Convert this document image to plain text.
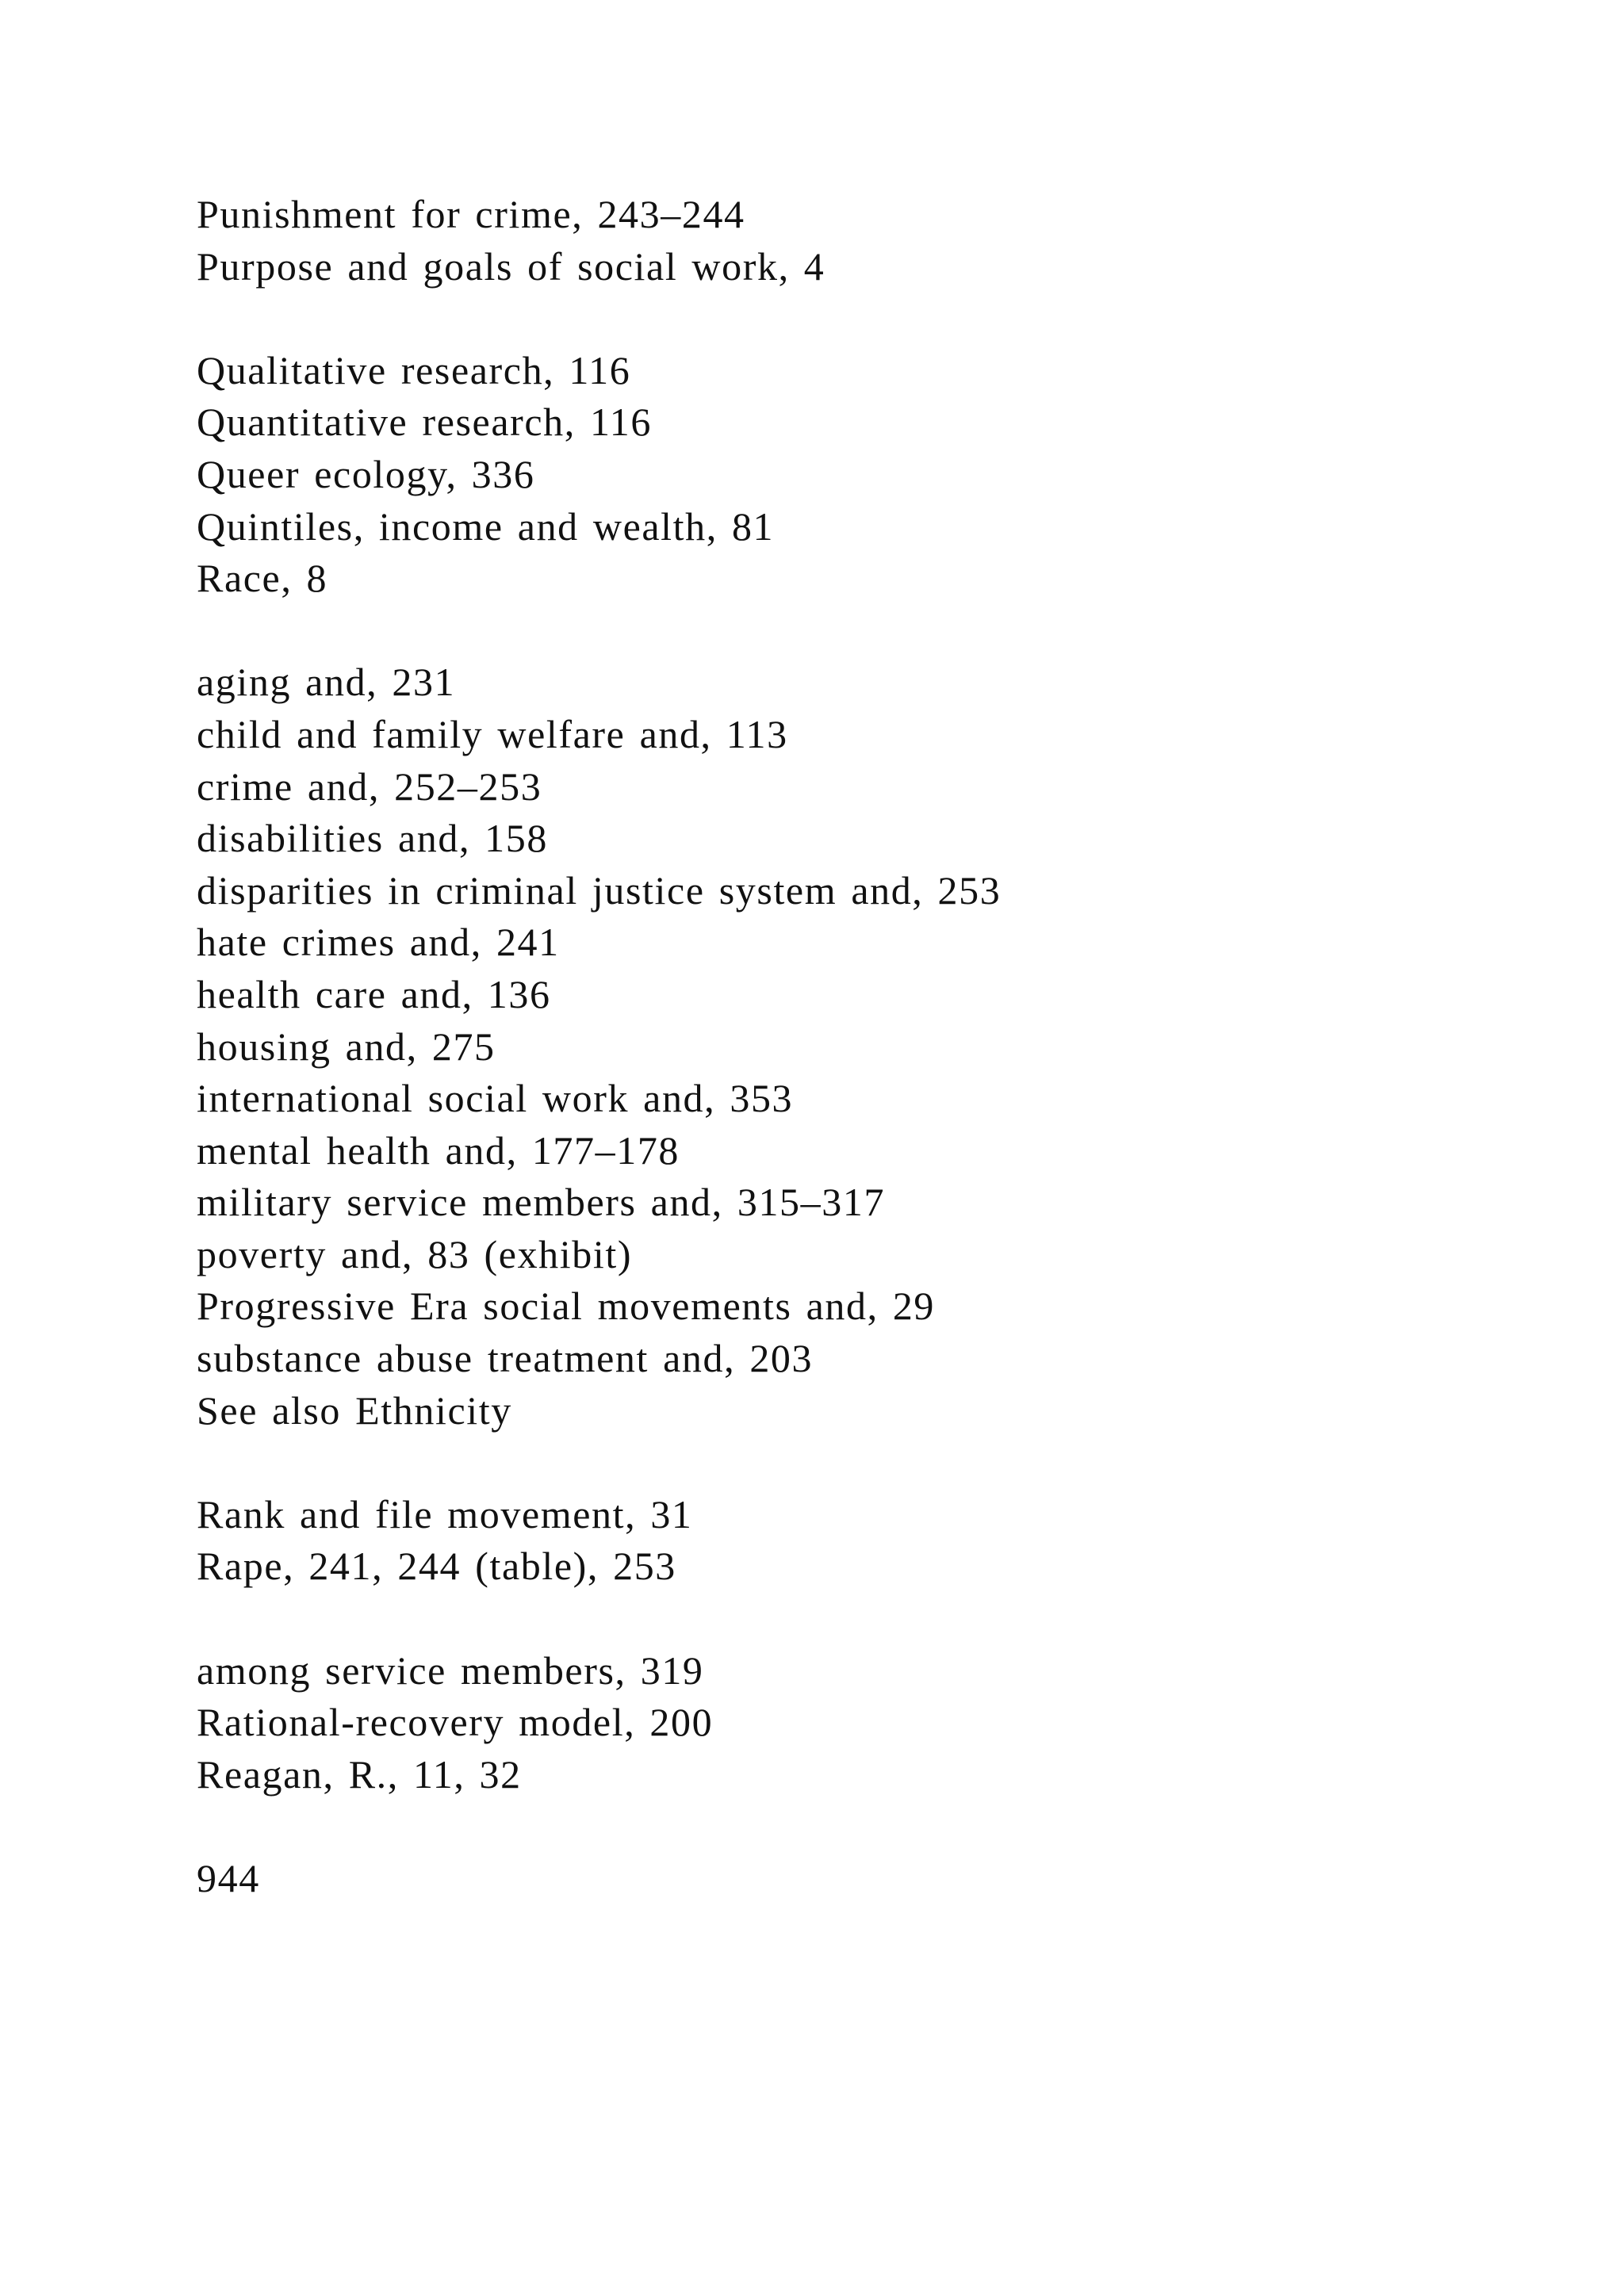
Punishment for crime, 243–244
Purpose and goals of social work, 4
Qualitative research, 116
Quantitative research, 116
Queer ecology, 336
Quintiles, income and wealth, 81
Race, 8
aging and, 231
child and family welfare and, 113
crime and, 252–253
disabilities and, 158
disparities in criminal justice system and, 253
hate crimes and, 241
health care and, 136
housing and, 275
international social work and, 353
mental health and, 177–178
military service members and, 315–317
poverty and, 83 (exhibit)
Progressive Era social movements and, 29
substance abuse treatment and, 203
See also Ethnicity
Rank and file movement, 31
Rape, 241, 244 (table), 253
among service members, 319
Rational-recovery model, 200
Reagan, R., 11, 32
944
